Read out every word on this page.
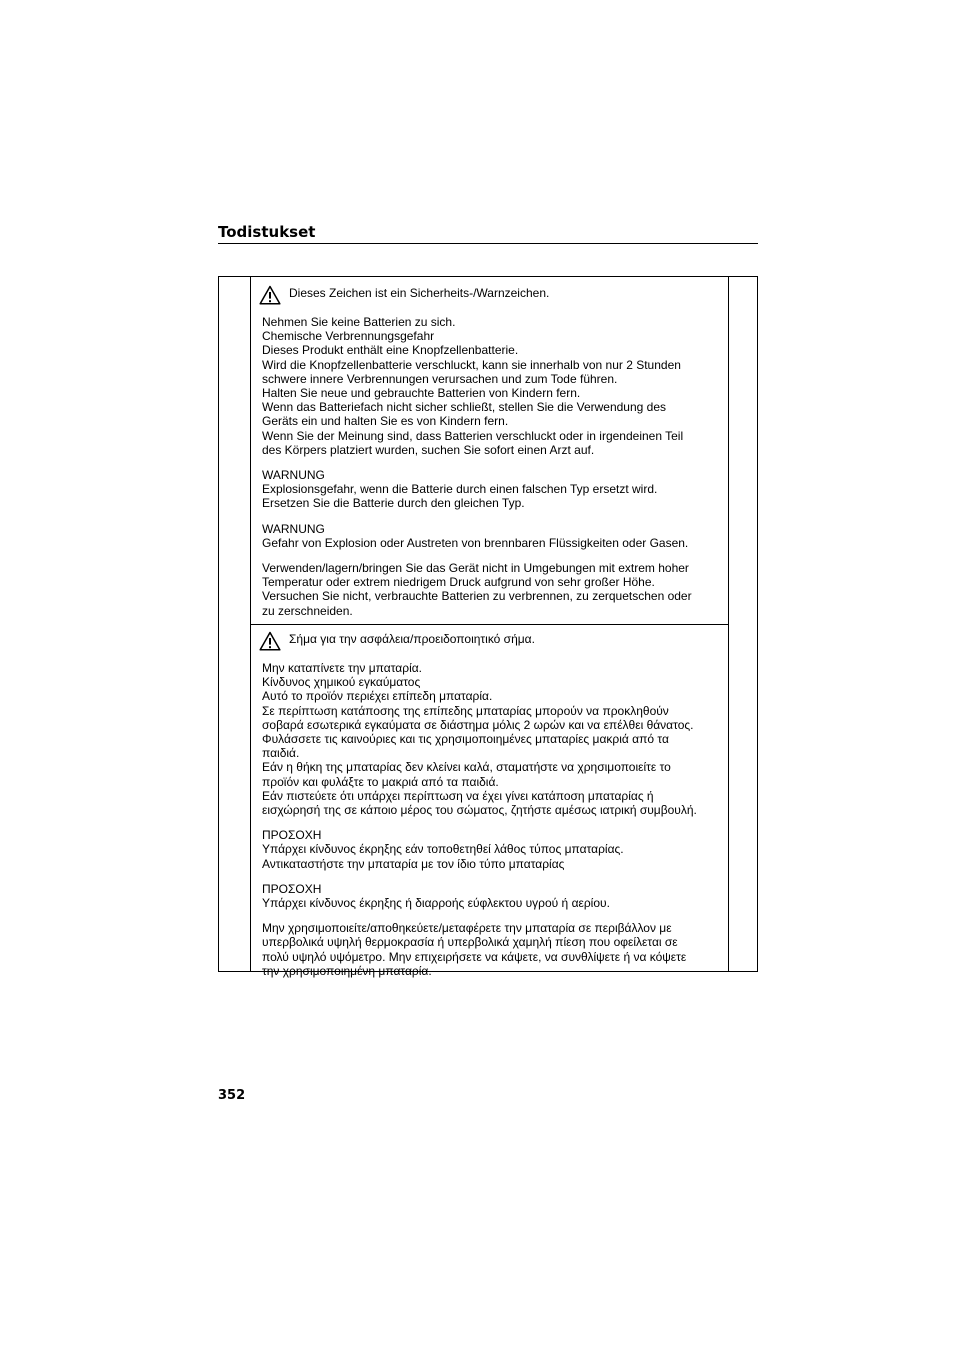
Todistukset
Dieses Zeichen ist ein Sicherheits-/Warnzeichen.

Nehmen Sie keine Batterien zu sich.
Chemische Verbrennungsgefahr
Dieses Produkt enthält eine Knopfzellenbatterie.
Wird die Knopfzellenbatterie verschluckt, kann sie innerhalb von nur 2 Stunden
schwere innere Verbrennungen verursachen und zum Tode führen.
Halten Sie neue und gebrauchte Batterien von Kindern fern.
Wenn das Batteriefach nicht sicher schließt, stellen Sie die Verwendung des
Geräts ein und halten Sie es von Kindern fern.
Wenn Sie der Meinung sind, dass Batterien verschluckt oder in irgendeinen Teil
des Körpers platziert wurden, suchen Sie sofort einen Arzt auf.

WARNUNG
Explosionsgefahr, wenn die Batterie durch einen falschen Typ ersetzt wird.
Ersetzen Sie die Batterie durch den gleichen Typ.

WARNUNG
Gefahr von Explosion oder Austreten von brennbaren Flüssigkeiten oder Gasen.

Verwenden/lagern/bringen Sie das Gerät nicht in Umgebungen mit extrem hoher
Temperatur oder extrem niedrigem Druck aufgrund von sehr großer Höhe.
Versuchen Sie nicht, verbrauchte Batterien zu verbrennen, zu zerquetschen oder
zu zerschneiden.

Σήμα για την ασφάλεια/προειδοποιητικό σήμα.

Μην καταπίνετε την μπαταρία.
Κίνδυνος χημικού εγκαύματος
Αυτό το προϊόν περιέχει επίπεδη μπαταρία.
Σε περίπτωση κατάποσης της επίπεδης μπαταρίας μπορούν να προκληθούν
σοβαρά εσωτερικά εγκαύματα σε διάστημα μόλις 2 ωρών και να επέλθει θάνατος.
Φυλάσσετε τις καινούριες και τις χρησιμοποιημένες μπαταρίες μακριά από τα
παιδιά.
Εάν η θήκη της μπαταρίας δεν κλείνει καλά, σταματήστε να χρησιμοποιείτε το
προϊόν και φυλάξτε το μακριά από τα παιδιά.
Εάν πιστεύετε ότι υπάρχει περίπτωση να έχει γίνει κατάποση μπαταρίας ή
εισχώρησή της σε κάποιο μέρος του σώματος, ζητήστε αμέσως ιατρική συμβουλή.

ΠΡΟΣΟΧΗ
Υπάρχει κίνδυνος έκρηξης εάν τοποθετηθεί λάθος τύπος μπαταρίας.
Αντικαταστήστε την μπαταρία με τον ίδιο τύπο μπαταρίας

ΠΡΟΣΟΧΗ
Υπάρχει κίνδυνος έκρηξης ή διαρροής εύφλεκτου υγρού ή αερίου.

Μην χρησιμοποιείτε/αποθηκεύετε/μεταφέρετε την μπαταρία σε περιβάλλον με
υπερβολικά υψηλή θερμοκρασία ή υπερβολικά χαμηλή πίεση που οφείλεται σε
πολύ υψηλό υψόμετρο. Μην επιχειρήσετε να κάψετε, να συνθλίψετε ή να κόψετε
την χρησιμοποιημένη μπαταρία.

352
